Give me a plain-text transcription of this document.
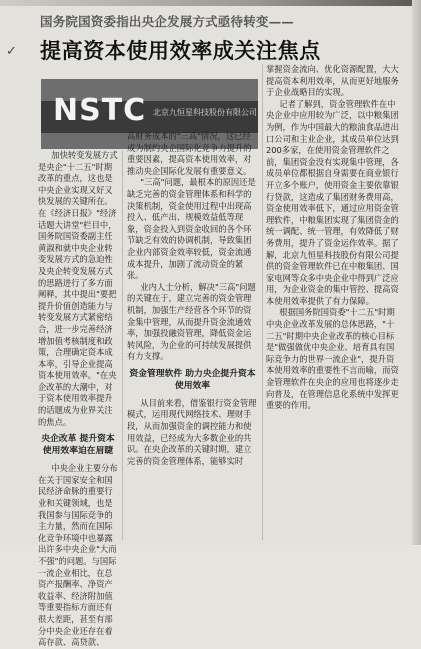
国务院国资委指出央企发展方式亟待转变——
✓ 提高资本使用效率成关注焦点
NSTC 北京九恒星科技股份有限公司

加快转变发展方式是央企"十二五"时期改革的重点，这也是中央企业实现又好又快发展的关键所在。在《经济日报》"经济话题大讲堂"栏目中，国务院国资委副主任黄淑和就中央企业转变发展方式的急迫性及央企转变发展方式的思路进行了多方面阐释，其中提出"要把提升价值创造能力与转变发展方式紧密结合，进一步完善经济增加值考核制度和政策，合理确定资本成本率，引导企业提高资本使用效率。"在央企改革的大潮中，对于资本使用效率提升的话题成为业界关注的焦点。

央企改革 提升资本使用效率迫在眉睫

中央企业主要分布在关于国家安全和国民经济命脉的重要行业和关键领域，也是我国参与国际竞争的主力量，然而在国际化竞争环境中也暴露出许多中央企业"大而不强"的问题。与国际一流企业相比，在总资产报酬率、净资产收益率、经济附加值等重要指标方面还有很大差距，甚至有部分中央企业还存在着高存款、高贷款、

高财务成本的"三高"情况，这已经成为制约央企国际化竞争力提升的重要因素，提高资本使用效率，对推动央企国际化发展有重要意义。

"三高"问题，最根本的原因还是缺乏完善的资金管理体系和科学的决策机制，资金使用过程中出现高投入、低产出、规模效益低等现象，资金投入到资金收回的各个环节缺乏有效的协调机制，导致集团企业内部资金效率较低，资金流通成本提升，加剧了流动资金的紧张。

业内人士分析，解决"三高"问题的关键在于，建立完善的资金管理机制，加强生产经营各个环节的资金集中管理，从而提升资金流通效率，加强投融资管理，降低资金运转风险，为企业的可持续发展提供有力支撑。

资金管理软件 助力央企提升资本使用效率

从目前来看，借鉴银行资金管理模式，运用现代网络技术、理财手段，从而加强资金的调控能力和使用效益，已经成为大多数企业的共识。在央企改革的关键时期，建立完善的资金管理体系，能够实时

掌握资金流向、优化资源配置，大大提高资本利用效率，从而更好地服务于企业战略目的实现。

记者了解到，资金管理软件在中央企业中应用较为广泛，以中粮集团为例，作为中国最大的粮油食品进出口公司和主业企业，其成员单位达到200多家，在使用资金管理软件之前，集团资金没有实现集中管理，各成员单位都根据自身需要在商业银行开立多个账户，使用资金主要依靠银行贷款，这造成了集团财务费用高，资金使用效率低下，通过应用资金管理软件，中粮集团实现了集团资金的统一调配、统一管理，有效降低了财务费用，提升了资金运作效率。据了解，北京九恒星科技股份有限公司提供的资金管理软件已在中粮集团、国家电网等众多中央企业中得到广泛应用，为企业资金的集中管控、提高资本使用效率提供了有力保障。

根据国务院国资委"十二五"时期中央企业改革发展的总体思路，"十二五"时期中央企业改革的核心目标是"做强做优中央企业、培育具有国际竞争力的世界一流企业"，提升资本使用效率的重要性不言而喻，而资金管理软件在央企的应用也将逐步走向普及，在管理信息化系统中发挥更重要的作用。
